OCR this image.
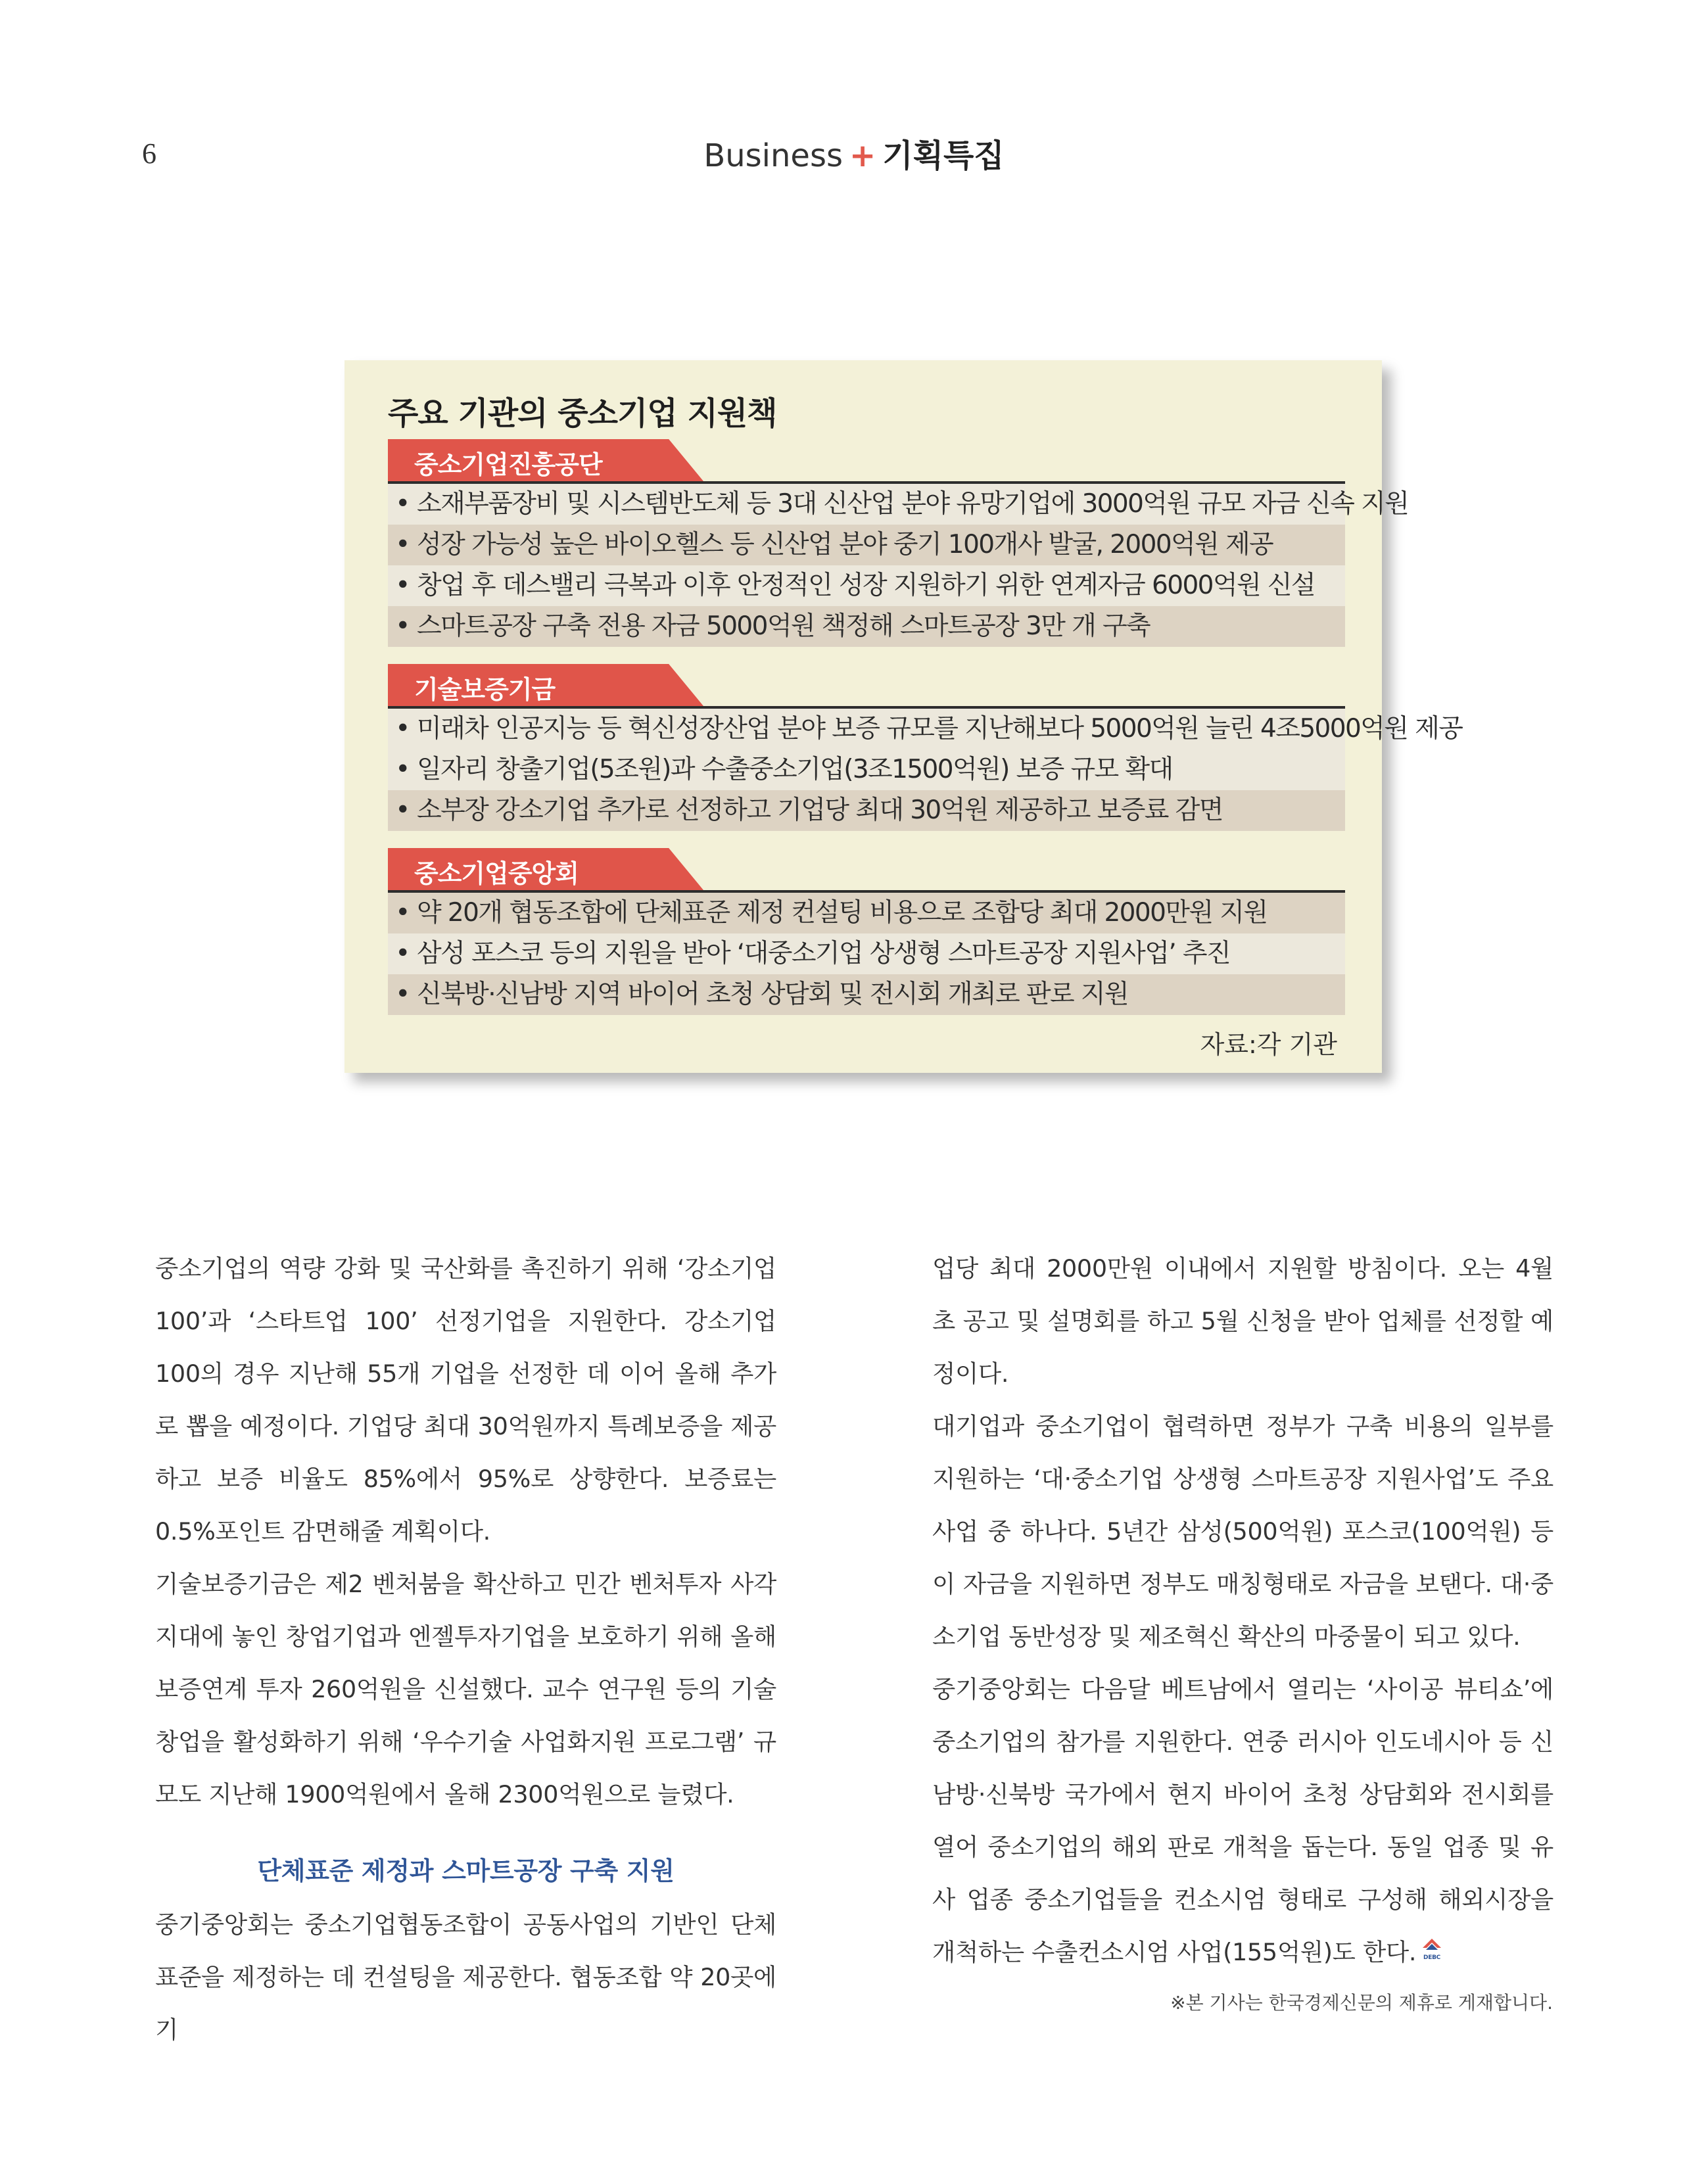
6	Business + 기획특집
주요 기관의 중소기업 지원책
중소기업진흥공단
• 소재부품장비 및 시스템반도체 등 3대 신산업 분야 유망기업에 3000억원 규모 자금 신속 지원
• 성장 가능성 높은 바이오헬스 등 신산업 분야 중기 100개사 발굴, 2000억원 제공
• 창업 후 데스밸리 극복과 이후 안정적인 성장 지원하기 위한 연계자금 6000억원 신설
• 스마트공장 구축 전용 자금 5000억원 책정해 스마트공장 3만 개 구축
기술보증기금
• 미래차 인공지능 등 혁신성장산업 분야 보증 규모를 지난해보다 5000억원 늘린 4조5000억원 제공
• 일자리 창출기업(5조원)과 수출중소기업(3조1500억원) 보증 규모 확대
• 소부장 강소기업 추가로 선정하고 기업당 최대 30억원 제공하고 보증료 감면
중소기업중앙회
• 약 20개 협동조합에 단체표준 제정 컨설팅 비용으로 조합당 최대 2000만원 지원
• 삼성 포스코 등의 지원을 받아 ‘대중소기업 상생형 스마트공장 지원사업’ 추진
• 신북방·신남방 지역 바이어 초청 상담회 및 전시회 개최로 판로 지원
자료:각 기관

중소기업의 역량 강화 및 국산화를 촉진하기 위해 ‘강소기업 100’과 ‘스타트업 100’ 선정기업을 지원한다. 강소기업 100의 경우 지난해 55개 기업을 선정한 데 이어 올해 추가로 뽑을 예정이다. 기업당 최대 30억원까지 특례보증을 제공하고 보증 비율도 85%에서 95%로 상향한다. 보증료는 0.5%포인트 감면해줄 계획이다.

기술보증기금은 제2 벤처붐을 확산하고 민간 벤처투자 사각지대에 놓인 창업기업과 엔젤투자기업을 보호하기 위해 올해 보증연계 투자 260억원을 신설했다. 교수 연구원 등의 기술창업을 활성화하기 위해 ‘우수기술 사업화지원 프로그램’ 규모도 지난해 1900억원에서 올해 2300억원으로 늘렸다.

단체표준 제정과 스마트공장 구축 지원

중기중앙회는 중소기업협동조합이 공동사업의 기반인 단체표준을 제정하는 데 컨설팅을 제공한다. 협동조합 약 20곳에 기

업당 최대 2000만원 이내에서 지원할 방침이다. 오는 4월 초 공고 및 설명회를 하고 5월 신청을 받아 업체를 선정할 예정이다.

대기업과 중소기업이 협력하면 정부가 구축 비용의 일부를 지원하는 ‘대·중소기업 상생형 스마트공장 지원사업’도 주요 사업 중 하나다. 5년간 삼성(500억원) 포스코(100억원) 등이 자금을 지원하면 정부도 매칭형태로 자금을 보탠다. 대·중소기업 동반성장 및 제조혁신 확산의 마중물이 되고 있다.

중기중앙회는 다음달 베트남에서 열리는 ‘사이공 뷰티쇼’에 중소기업의 참가를 지원한다. 연중 러시아 인도네시아 등 신남방·신북방 국가에서 현지 바이어 초청 상담회와 전시회를 열어 중소기업의 해외 판로 개척을 돕는다. 동일 업종 및 유사 업종 중소기업들을 컨소시엄 형태로 구성해 해외시장을 개척하는 수출컨소시엄 사업(155억원)도 한다. DEBC

※본 기사는 한국경제신문의 제휴로 게재합니다.
